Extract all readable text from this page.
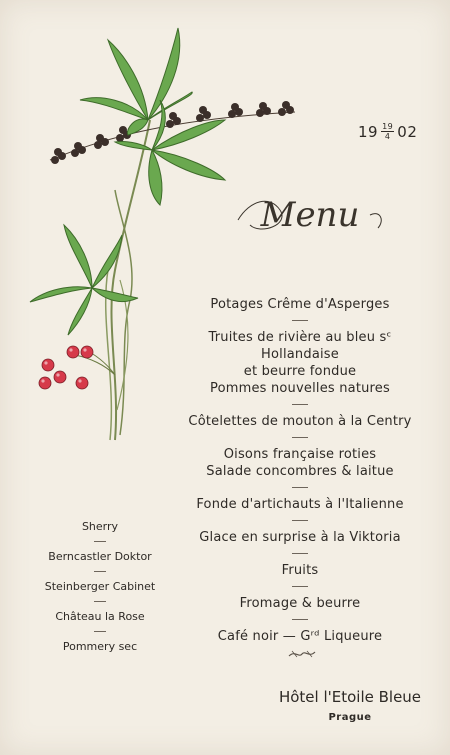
$19 \frac{19}{4} 02$
Menu
Potages Crême d'Asperges
Truites de rivière au bleu sᶜ Hollandaise
et beurre fondue
Pommes nouvelles natures
Côtelettes de mouton à la Centry
Oisons française roties
Salade concombres & laitue
Fonde d'artichauts à l'Italienne
Glace en surprise à la Viktoria
Fruits
Fromage & beurre
Café noir — Gʳᵈ Liqueure
Sherry
Berncastler Doktor
Steinberger Cabinet
Château la Rose
Pommery sec
Hôtel l'Etoile Bleue
Prague
